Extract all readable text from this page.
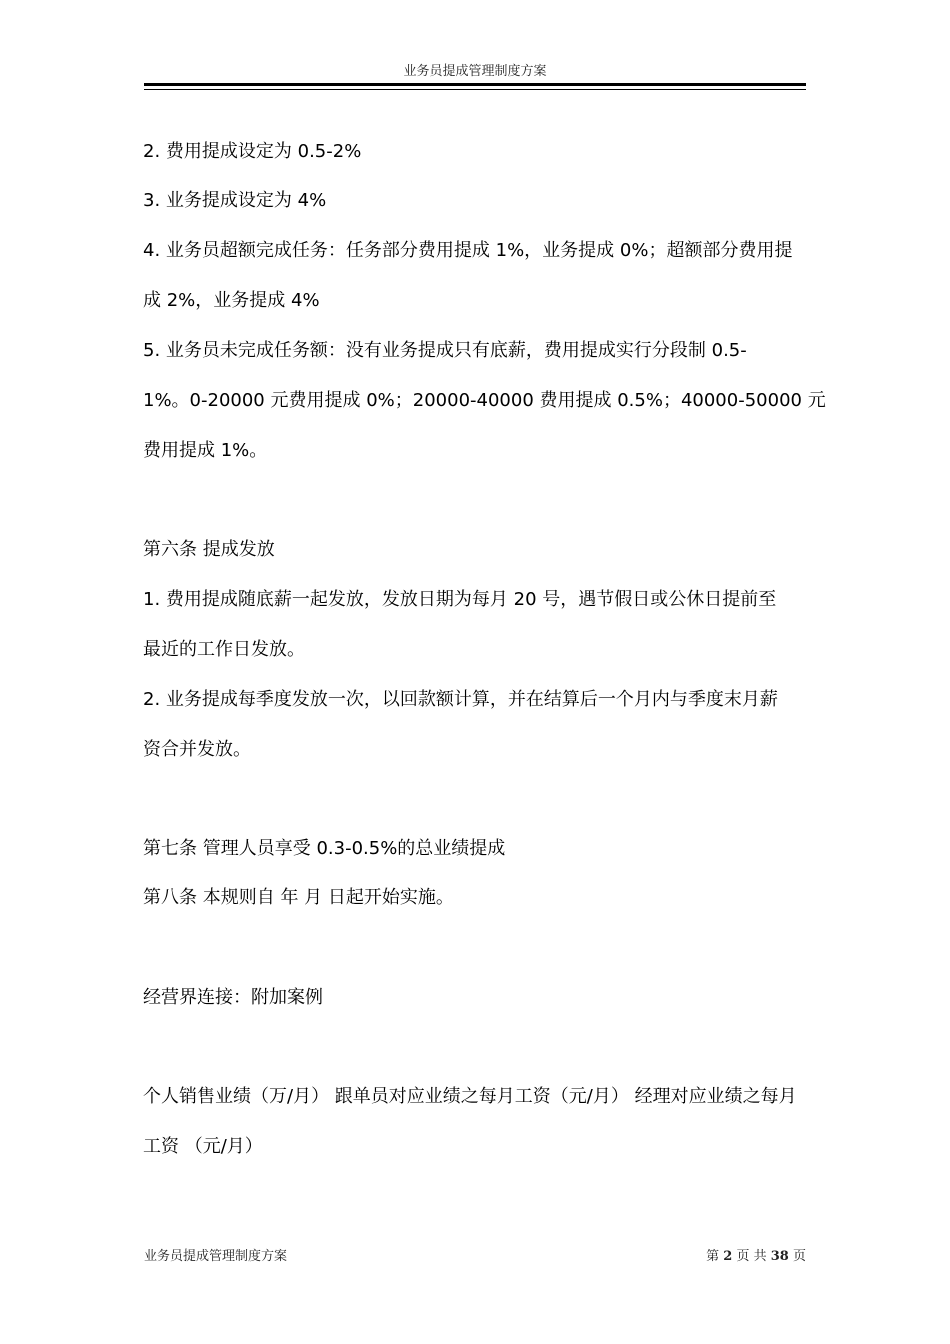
业务员提成管理制度方案
2. 费用提成设定为 0.5-2%
3. 业务提成设定为 4%
4. 业务员超额完成任务：任务部分费用提成 1%，业务提成 0%；超额部分费用提
成 2%，业务提成 4%
5. 业务员未完成任务额：没有业务提成只有底薪，费用提成实行分段制 0.5-
1%。0-20000 元费用提成 0%；20000-40000 费用提成 0.5%；40000-50000 元
费用提成 1%。
第六条 提成发放
1. 费用提成随底薪一起发放，发放日期为每月 20 号，遇节假日或公休日提前至
最近的工作日发放。
2. 业务提成每季度发放一次，以回款额计算，并在结算后一个月内与季度末月薪
资合并发放。
第七条 管理人员享受 0.3-0.5%的总业绩提成
第八条 本规则自 年 月 日起开始实施。
经营界连接：附加案例
个人销售业绩（万/月） 跟单员对应业绩之每月工资（元/月） 经理对应业绩之每月
工资 （元/月）
业务员提成管理制度方案	第 2 页 共 38 页
